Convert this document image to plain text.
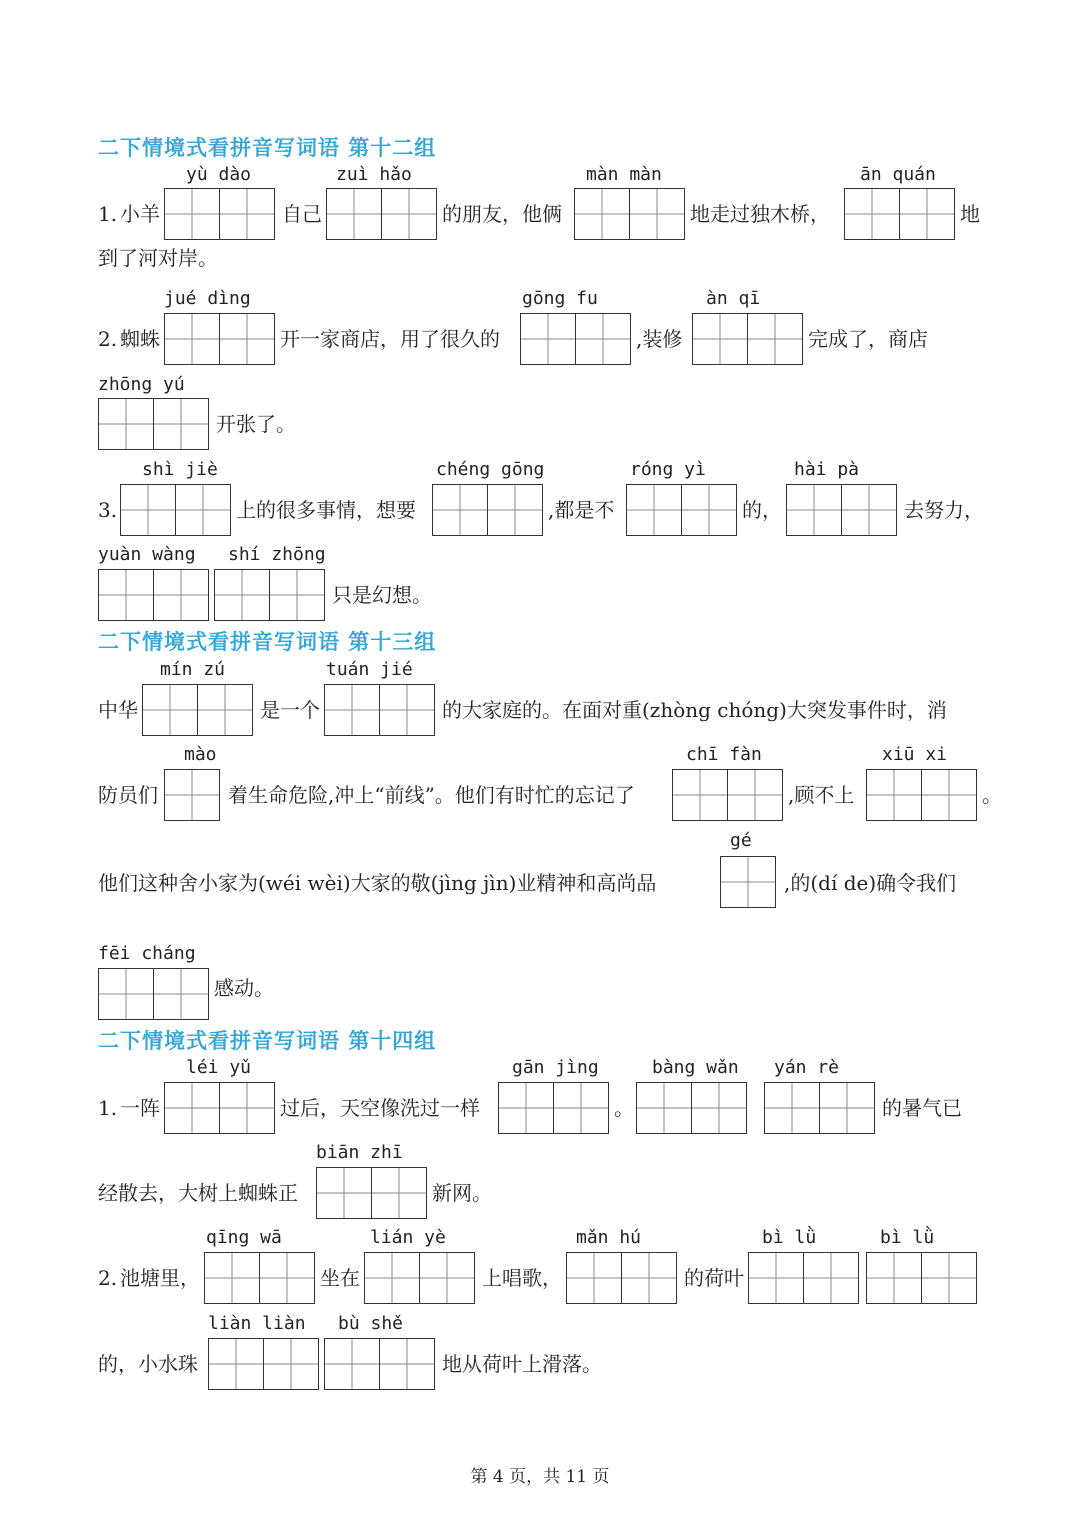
二下情境式看拼音写词语 第十二组
yù dào	zuì hǎo	màn màn	ān quán
1. 小羊	自己	的朋友，他俩	地走过独木桥，	地
到了河对岸。
jué dìng	gōng fu	àn qī
2. 蜘蛛	开一家商店，用了很久的	,装修	完成了，商店
zhōng yú
开张了。
shì jiè	chéng gōng	róng yì	hài pà
3.	上的很多事情，想要	,都是不	的，	去努力，
yuàn wàng shí zhōng
只是幻想。
二下情境式看拼音写词语 第十三组
mín zú	tuán jié
中华	是一个	的大家庭的。在面对重(zhòng chóng)大突发事件时，消
mào	chī fàn	xiū xi
防员们	着生命危险,冲上“前线”。他们有时忙的忘记了	,顾不上	。
gé
他们这种舍小家为(wéi wèi)大家的敬(jìng jìn)业精神和高尚品	,的(dí de)确令我们
fēi cháng
感动。
二下情境式看拼音写词语 第十四组
léi yǔ	gān jìng	bàng wǎn yán rè
1. 一阵	过后，天空像洗过一样	。	的暑气已
biān zhī
经散去，大树上蜘蛛正	新网。
qīng wā	lián yè	mǎn hú	bì lǜ	bì lǜ
2. 池塘里，	坐在	上唱歌，	的荷叶
liàn liàn bù shě
的，小水珠	地从荷叶上滑落。
第 4 页，共 11 页
